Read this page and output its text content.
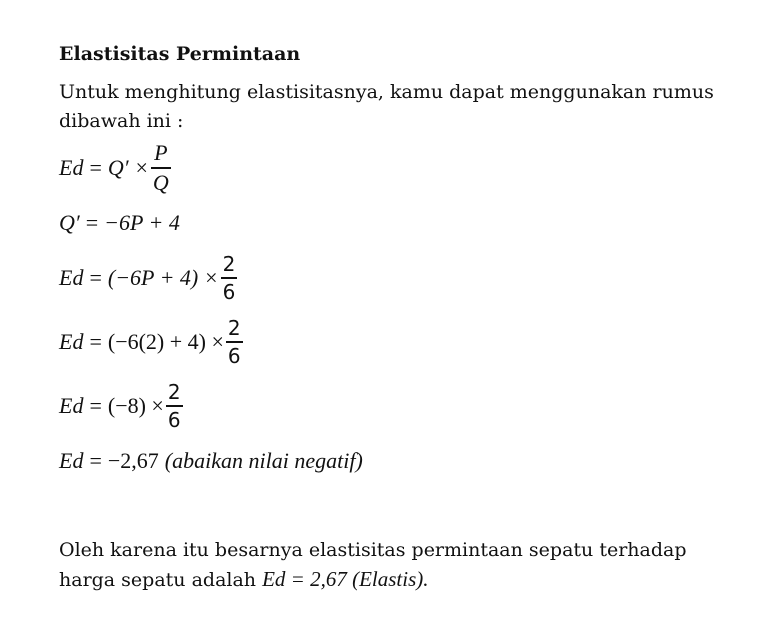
Elastisitas Permintaan

Untuk menghitung elastisitasnya, kamu dapat menggunakan rumus dibawah ini :

$Ed = Q' \times \frac{P}{Q}$
Q′ = −6P + 4
$Ed = (-6P + 4) \times \frac{2}{6}$
$Ed = (-6(2) + 4) \times \frac{2}{6}$
$Ed = (-8) \times \frac{2}{6}$
Ed = −2,67 (abaikan nilai negatif)

Oleh karena itu besarnya elastisitas permintaan sepatu terhadap
harga sepatu adalah Ed = 2,67 (Elastis).
